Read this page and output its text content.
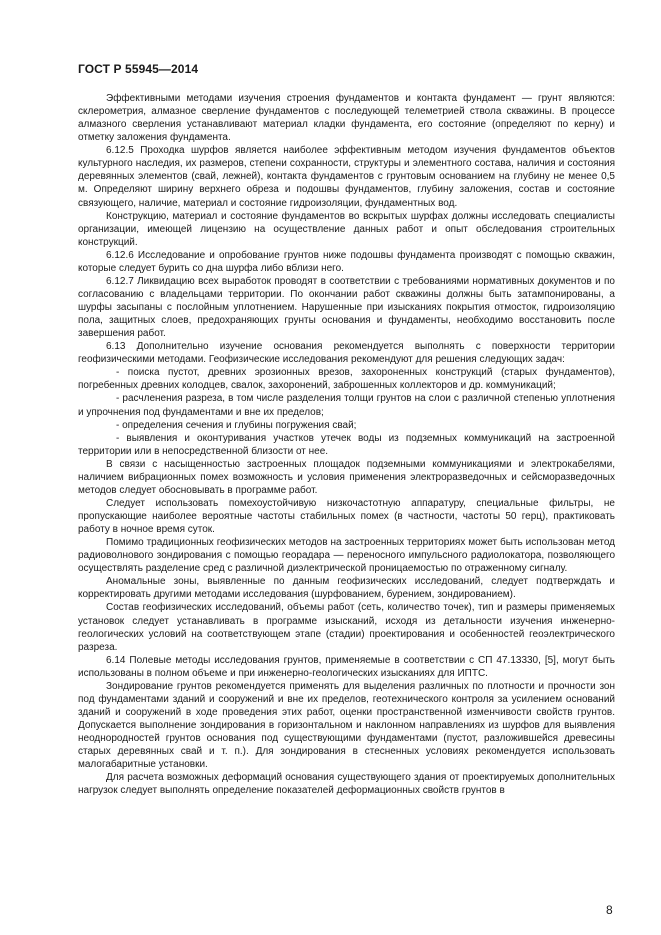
ГОСТ Р 55945—2014

Эффективными методами изучения строения фундаментов и контакта фундамент — грунт являются: склерометрия, алмазное сверление фундаментов с последующей телеметрией ствола скважины. В процессе алмазного сверления устанавливают материал кладки фундамента, его состояние (определяют по керну) и отметку заложения фундамента.

6.12.5 Проходка шурфов является наиболее эффективным методом изучения фундаментов объектов культурного наследия, их размеров, степени сохранности, структуры и элементного состава, наличия и состояния деревянных элементов (свай, лежней), контакта фундаментов с грунтовым основанием на глубину не менее 0,5 м. Определяют ширину верхнего обреза и подошвы фундаментов, глубину заложения, состав и состояние связующего, наличие, материал и состояние гидроизоляции, фундаментных вод.

Конструкцию, материал и состояние фундаментов во вскрытых шурфах должны исследовать специалисты организации, имеющей лицензию на осуществление данных работ и опыт обследования строительных конструкций.

6.12.6 Исследование и опробование грунтов ниже подошвы фундамента производят с помощью скважин, которые следует бурить со дна шурфа либо вблизи него.

6.12.7 Ликвидацию всех выработок проводят в соответствии с требованиями нормативных документов и по согласованию с владельцами территории. По окончании работ скважины должны быть затампонированы, а шурфы засыпаны с послойным уплотнением. Нарушенные при изысканиях покрытия отмосток, гидроизоляцию пола, защитных слоев, предохраняющих грунты основания и фундаменты, необходимо восстановить после завершения работ.

6.13 Дополнительно изучение основания рекомендуется выполнять с поверхности территории геофизическими методами. Геофизические исследования рекомендуют для решения следующих задач:

- поиска пустот, древних эрозионных врезов, захороненных конструкций (старых фундаментов), погребенных древних колодцев, свалок, захоронений, заброшенных коллекторов и др. коммуникаций;

- расчленения разреза, в том числе разделения толщи грунтов на слои с различной степенью уплотнения и упрочнения под фундаментами и вне их пределов;

- определения сечения и глубины погружения свай;

- выявления и оконтуривания участков утечек воды из подземных коммуникаций на застроенной территории или в непосредственной близости от нее.

В связи с насыщенностью застроенных площадок подземными коммуникациями и электрокабелями, наличием вибрационных помех возможность и условия применения электроразведочных и сейсморазведочных методов следует обосновывать в программе работ.

Следует использовать помехоустойчивую низкочастотную аппаратуру, специальные фильтры, не пропускающие наиболее вероятные частоты стабильных помех (в частности, частоты 50 герц), практиковать работу в ночное время суток.

Помимо традиционных геофизических методов на застроенных территориях может быть использован метод радиоволнового зондирования с помощью георадара — переносного импульсного радиолокатора, позволяющего осуществлять разделение сред с различной диэлектрической проницаемостью по отраженному сигналу.

Аномальные зоны, выявленные по данным геофизических исследований, следует подтверждать и корректировать другими методами исследования (шурфованием, бурением, зондированием).

Состав геофизических исследований, объемы работ (сеть, количество точек), тип и размеры применяемых установок следует устанавливать в программе изысканий, исходя из детальности изучения инженерно-геологических условий на соответствующем этапе (стадии) проектирования и особенностей геоэлектрического разреза.

6.14 Полевые методы исследования грунтов, применяемые в соответствии с СП 47.13330, [5], могут быть использованы в полном объеме и при инженерно-геологических изысканиях для ИПТС.

Зондирование грунтов рекомендуется применять для выделения различных по плотности и прочности зон под фундаментами зданий и сооружений и вне их пределов, геотехнического контроля за усилением оснований зданий и сооружений в ходе проведения этих работ, оценки пространственной изменчивости свойств грунтов. Допускается выполнение зондирования в горизонтальном и наклонном направлениях из шурфов для выявления неоднородностей грунтов основания под существующими фундаментами (пустот, разложившейся древесины старых деревянных свай и т. п.). Для зондирования в стесненных условиях рекомендуется использовать малогабаритные установки.

Для расчета возможных деформаций основания существующего здания от проектируемых дополнительных нагрузок следует выполнять определение показателей деформационных свойств грунтов в

8
